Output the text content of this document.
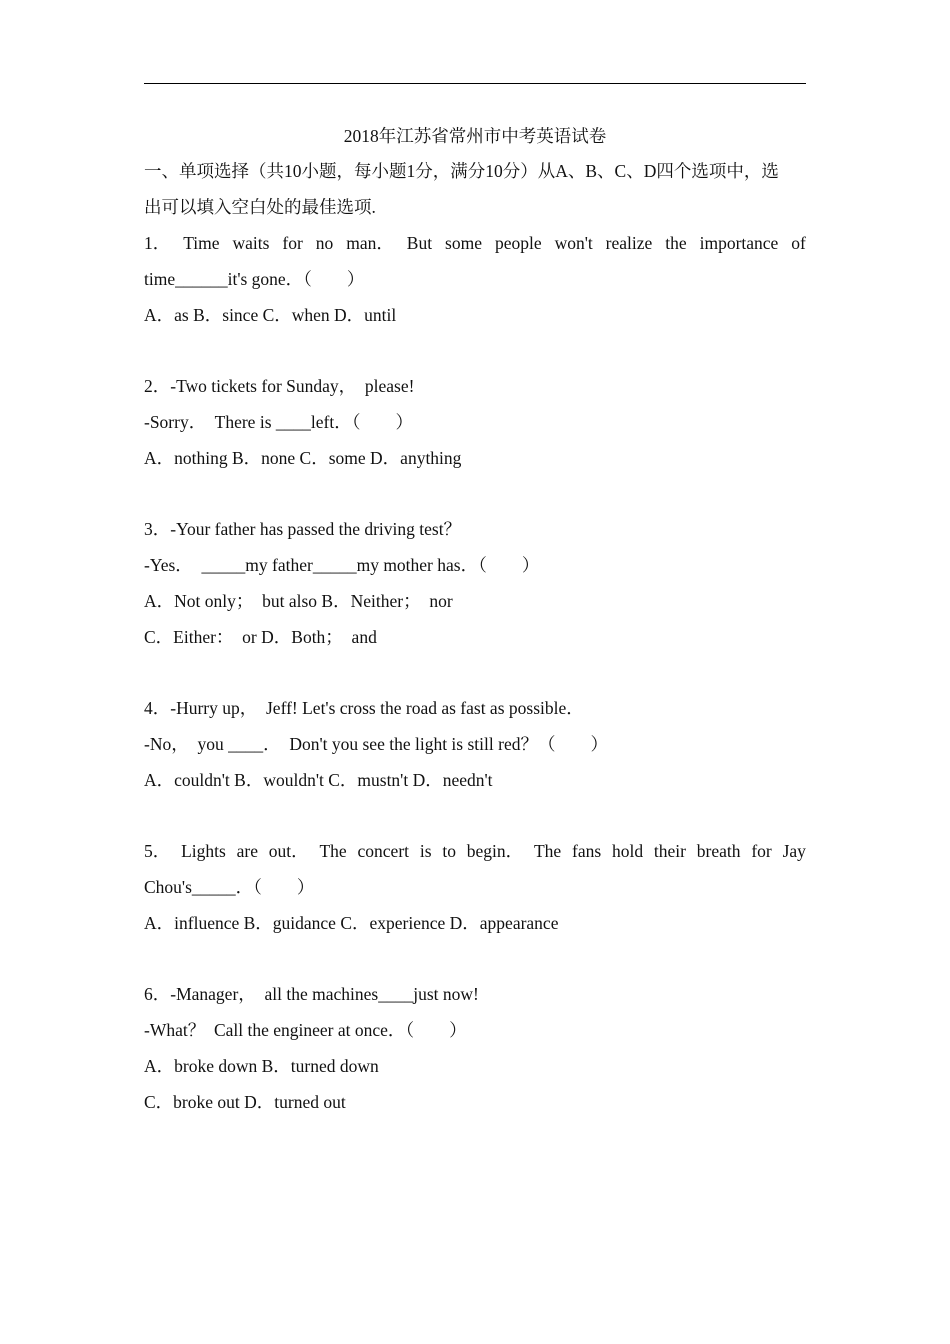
2018年江苏省常州市中考英语试卷
一、单项选择（共10小题，每小题1分，满分10分）从A、B、C、D四个选项中，选
出可以填入空白处的最佳选项.
1． Time waits for no man． But some people won't realize the importance of
time______it's gone．（　　）
A．as B．since C．when D．until
2．-Two tickets for Sunday，  please!
-Sorry．  There is ____left．（　　）
A．nothing B．none C．some D．anything
3．-Your father has passed the driving test？
-Yes．  _____my father_____my mother has．（　　）
A．Not only；  but also B．Neither；  nor
C．Either：  or D．Both；  and
4．-Hurry up，  Jeff! Let's cross the road as fast as possible．
-No，  you ____．  Don't you see the light is still red？（　　）
A．couldn't B．wouldn't C．mustn't D．needn't
5． Lights are out． The concert is to begin． The fans hold their breath for Jay
Chou's_____．（　　）
A．influence B．guidance C．experience D．appearance
6．-Manager，  all the machines____just now!
-What？  Call the engineer at once．（　　）
A．broke down B．turned down
C．broke out D．turned out
